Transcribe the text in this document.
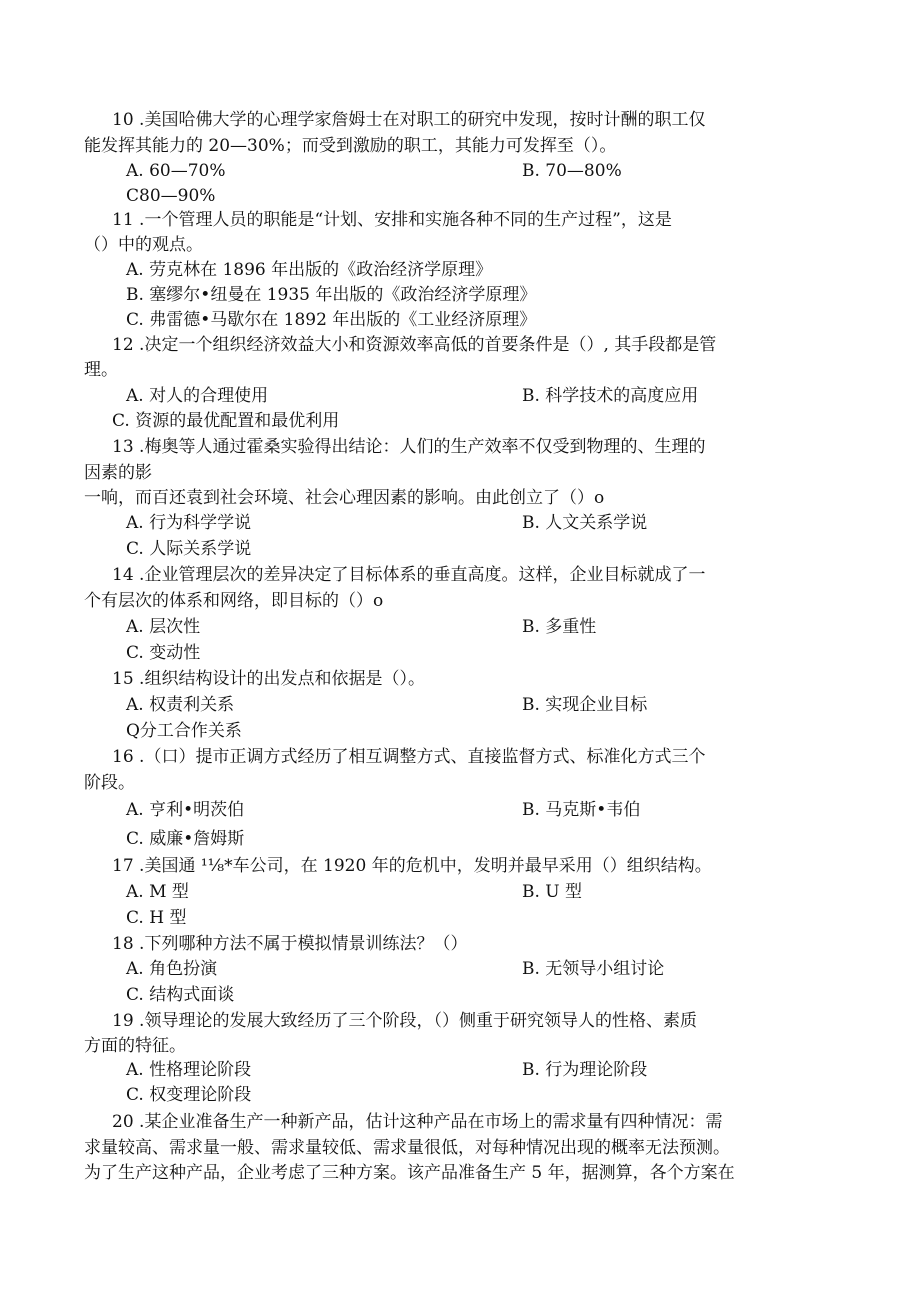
10 .美国哈佛大学的心理学家詹姆士在对职工的研究中发现，按时计酬的职工仅
能发挥其能力的 20—30%；而受到激励的职工，其能力可发挥至（）。
A. 60—70%	B. 70—80%
C80—90%
11 .一个管理人员的职能是“计划、安排和实施各种不同的生产过程”，这是
（）中的观点。
A. 劳克林在 1896 年出版的《政治经济学原理》
B. 塞缪尔•纽曼在 1935 年出版的《政治经济学原理》
C. 弗雷德•马歇尔在 1892 年出版的《工业经济原理》
12 .决定一个组织经济效益大小和资源效率高低的首要条件是（）, 其手段都是管
理。
A. 对人的合理使用	B. 科学技术的高度应用
C. 资源的最优配置和最优利用
13 .梅奥等人通过霍桑实验得出结论：人们的生产效率不仅受到物理的、生理的
因素的影
一响，而百还袁到社会环境、社会心理因素的影响。由此创立了（）o
A. 行为科学学说	B. 人文关系学说
C. 人际关系学说
14 .企业管理层次的差异决定了目标体系的垂直高度。这样，企业目标就成了一
个有层次的体系和网络，即目标的（）o
A. 层次性	B. 多重性
C. 变动性
15 .组织结构设计的出发点和依据是（）。
A. 权责利关系	B. 实现企业目标
Q分工合作关系
16 .（口）提市正调方式经历了相互调整方式、直接监督方式、标准化方式三个
阶段。
A. 亨利•明茨伯	B. 马克斯•韦伯
C. 威廉•詹姆斯
17 .美国通 ¹⅛*车公司，在 1920 年的危机中，发明并最早采用（）组织结构。
A. M 型	B. U 型
C. H 型
18 .下列哪种方法不属于模拟情景训练法？（）
A. 角色扮演	B. 无领导小组讨论
C. 结构式面谈
19 .领导理论的发展大致经历了三个阶段，（）侧重于研究领导人的性格、素质
方面的特征。
A. 性格理论阶段	B. 行为理论阶段
C. 权变理论阶段
20 .某企业准备生产一种新产品，估计这种产品在市场上的需求量有四种情况：需
求量较高、需求量一般、需求量较低、需求量很低，对每种情况出现的概率无法预测。
为了生产这种产品，企业考虑了三种方案。该产品准备生产 5 年，据测算，各个方案在
